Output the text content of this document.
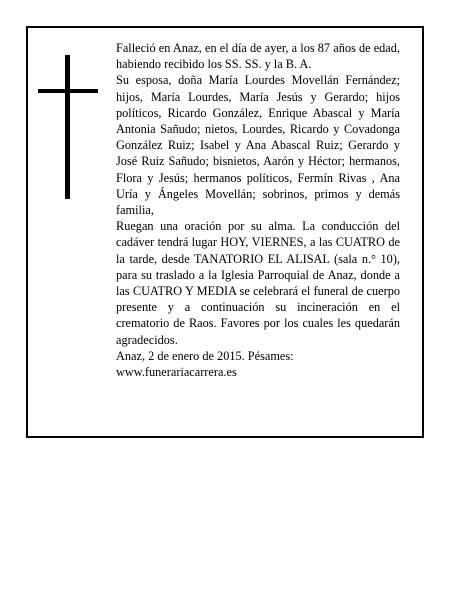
Falleció en Anaz, en el día de ayer, a los 87 años de edad, habiendo recibido los SS. SS. y la B. A.

Su esposa, doña María Lourdes Movellán Fernández; hijos, María Lourdes, María Jesús y Gerardo; hijos políticos, Ricardo González, Enrique Abascal y María Antonia Sañudo; nietos, Lourdes, Ricardo y Covadonga González Ruiz; Isabel y Ana Abascal Ruiz; Gerardo y José Ruiz Sañudo; bisnietos, Aarón y Héctor; hermanos, Flora y Jesús; hermanos políticos, Fermín Rivas , Ana Uría y Ángeles Movellán; sobrinos, primos y demás familia,

Ruegan una oración por su alma. La conducción del cadáver tendrá lugar HOY, VIERNES, a las CUATRO de la tarde, desde TANATORIO EL ALISAL (sala n.° 10), para su traslado a la Iglesia Parroquial de Anaz, donde a las CUATRO Y MEDIA se celebrará el funeral de cuerpo presente y a continuación su incineración en el crematorio de Raos. Favores por los cuales les quedarán agradecidos.

Anaz, 2 de enero de 2015. Pésames: www.funerariacarrera.es
